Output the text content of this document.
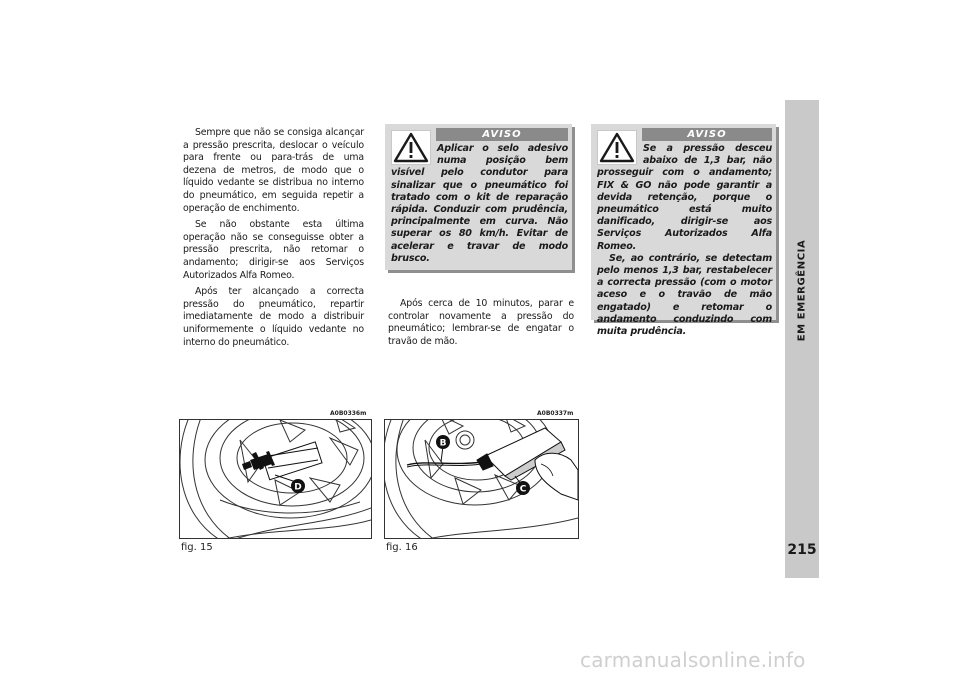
Sempre que não se consiga alcançar a pressão prescrita, deslocar o veículo para frente ou para-trás de uma dezena de metros, de modo que o líquido vedante se distribua no interno do pneumático, em seguida repetir a operação de enchimento.

Se não obstante esta última operação não se conseguisse obter a pressão prescrita, não retomar o andamento; dirigir-se aos Serviços Autorizados Alfa Romeo.

Após ter alcançado a correcta pressão do pneumático, repartir imediatamente de modo a distribuir uniformemente o líquido vedante no interno do pneumático.

AVISO

Aplicar o selo adesivo numa posição bem visível pelo condutor para sinalizar que o pneumático foi tratado com o kit de reparação rápida. Conduzir com prudência, principalmente em curva. Não superar os 80 km/h. Evitar de acelerar e travar de modo brusco.

Após cerca de 10 minutos, parar e controlar novamente a pressão do pneumático; lembrar-se de engatar o travão de mão.

AVISO

Se a pressão desceu abaixo de 1,3 bar, não prosseguir com o andamento; FIX & GO não pode garantir a devida retenção, porque o pneumático está muito danificado, dirigir-se aos Serviços Autorizados Alfa Romeo.

Se, ao contrário, se detectam pelo menos 1,3 bar, restabelecer a correcta pressão (com o motor aceso e o travão de mão engatado) e retomar o andamento conduzindo com muita prudência.	EM EMERGÊNCIA
215
A0B0336m
D
fig. 15
A0B0337m
B
C
fig. 16
carmanualsonline.info
